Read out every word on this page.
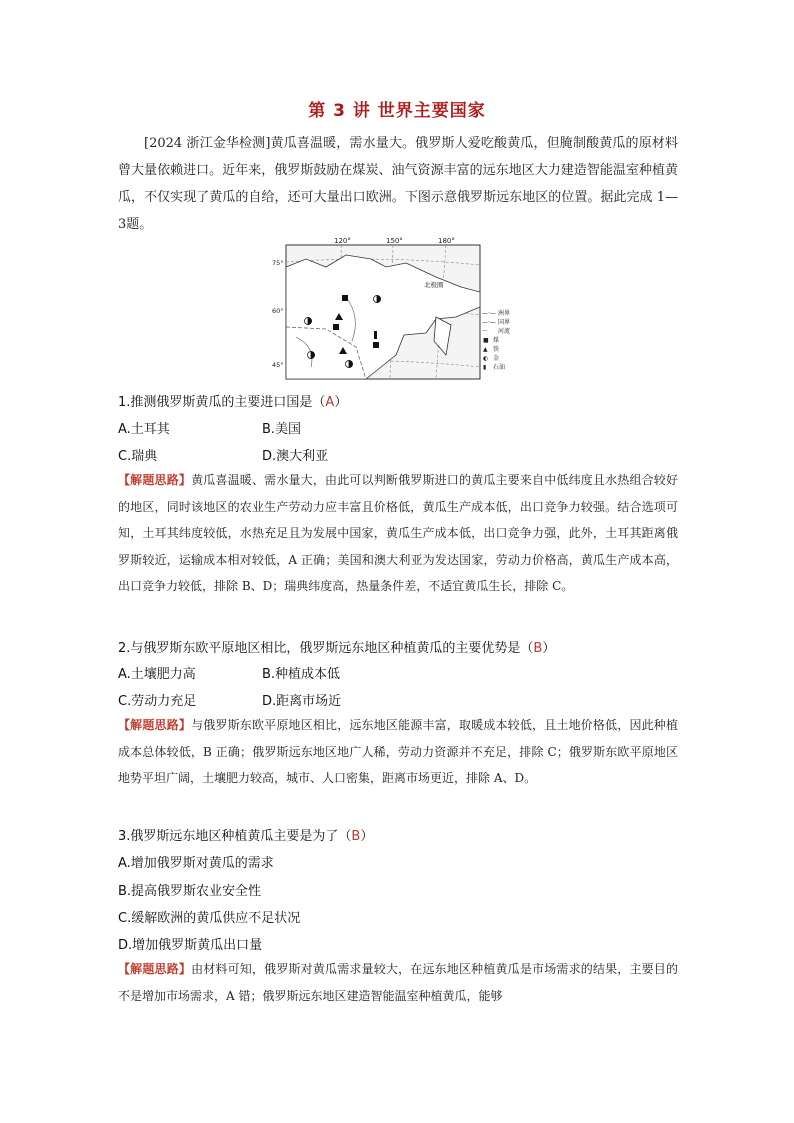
第 3 讲 世界主要国家
[2024 浙江金华检测]黄瓜喜温暖，需水量大。俄罗斯人爱吃酸黄瓜，但腌制酸黄瓜的原材料曾大量依赖进口。近年来，俄罗斯鼓励在煤炭、油气资源丰富的远东地区大力建造智能温室种植黄瓜，不仅实现了黄瓜的自给，还可大量出口欧洲。下图示意俄罗斯远东地区的位置。据此完成 1—3题。
120°	150°	180°
75°
60°
45°
北极圈
—·— 洲界
—·— 国界
～ 河流
■ 煤
▲ 铁
◐ 金
▮ 石油
1.推测俄罗斯黄瓜的主要进口国是（A）
A.土耳其	B.美国
C.瑞典	D.澳大利亚
【解题思路】黄瓜喜温暖、需水量大，由此可以判断俄罗斯进口的黄瓜主要来自中低纬度且水热组合较好的地区，同时该地区的农业生产劳动力应丰富且价格低，黄瓜生产成本低，出口竞争力较强。结合选项可知，土耳其纬度较低，水热充足且为发展中国家，黄瓜生产成本低，出口竞争力强，此外，土耳其距离俄罗斯较近，运输成本相对较低，A 正确；美国和澳大利亚为发达国家，劳动力价格高，黄瓜生产成本高，出口竞争力较低，排除 B、D；瑞典纬度高，热量条件差，不适宜黄瓜生长，排除 C。
2.与俄罗斯东欧平原地区相比，俄罗斯远东地区种植黄瓜的主要优势是（B）
A.土壤肥力高	B.种植成本低
C.劳动力充足	D.距离市场近
【解题思路】与俄罗斯东欧平原地区相比，远东地区能源丰富，取暖成本较低，且土地价格低，因此种植成本总体较低，B 正确；俄罗斯远东地区地广人稀，劳动力资源并不充足，排除 C；俄罗斯东欧平原地区地势平坦广阔，土壤肥力较高，城市、人口密集，距离市场更近，排除 A、D。
3.俄罗斯远东地区种植黄瓜主要是为了（B）
A.增加俄罗斯对黄瓜的需求
B.提高俄罗斯农业安全性
C.缓解欧洲的黄瓜供应不足状况
D.增加俄罗斯黄瓜出口量
【解题思路】由材料可知，俄罗斯对黄瓜需求量较大，在远东地区种植黄瓜是市场需求的结果，主要目的不是增加市场需求，A 错；俄罗斯远东地区建造智能温室种植黄瓜，能够
